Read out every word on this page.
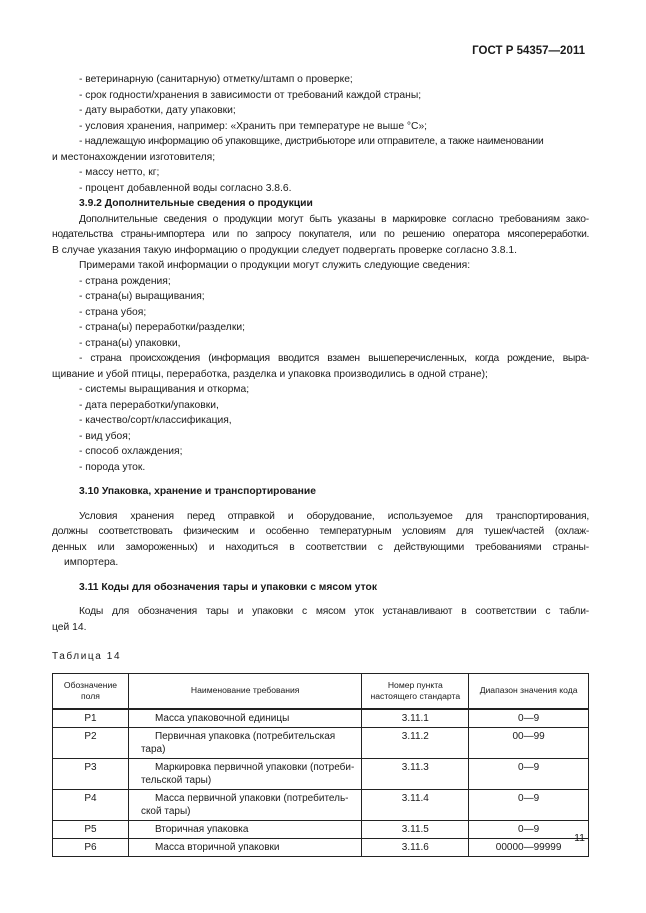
ГОСТ Р 54357—2011

- ветеринарную (санитарную) отметку/штамп о проверке;

- срок годности/хранения в зависимости от требований каждой страны;

- дату выработки, дату упаковки;

- условия хранения, например: «Хранить при температуре не выше °С»;

- надлежащую информацию об упаковщике, дистрибьюторе или отправителе, а также наименовании

и местонахождении изготовителя;

- массу нетто, кг;

- процент добавленной воды согласно 3.8.6.

3.9.2 Дополнительные сведения о продукции

Дополнительные сведения о продукции могут быть указаны в маркировке согласно требованиям зако-

нодательства страны-импортера или по запросу покупателя, или по решению оператора мясопереработки.

В случае указания такую информацию о продукции следует подвергать проверке согласно 3.8.1.

Примерами такой информации о продукции могут служить следующие сведения:

- страна рождения;

- страна(ы) выращивания;

- страна убоя;

- страна(ы) переработки/разделки;

- страна(ы) упаковки,

- страна происхождения (информация вводится взамен вышеперечисленных, когда рождение, выра-

щивание и убой птицы, переработка, разделка и упаковка производились в одной стране);

- системы выращивания и откорма;

- дата переработки/упаковки,

- качество/сорт/классификация,

- вид убоя;

- способ охлаждения;

- порода уток.

3.10 Упаковка, хранение и транспортирование

Условия хранения перед отправкой и оборудование, используемое для транспортирования,

должны соответствовать физическим и особенно температурным условиям для тушек/частей (охлаж-

денных или замороженных) и находиться в соответствии с действующими требованиями страны-

импортера.

3.11 Коды для обозначения тары и упаковки с мясом уток

Коды для обозначения тары и упаковки с мясом уток устанавливают в соответствии с табли-

цей 14.

Таблица 14

Обозначение поля	Наименование требования	Номер пункта настоящего стандарта	Диапазон значения кода
P1	Масса упаковочной единицы	3.11.1	0—9
P2	Первичная упаковка (потребительская тара)	3.11.2	00—99
P3	Маркировка первичной упаковки (потреби-тельской тары)	3.11.3	0—9
P4	Масса первичной упаковки (потребитель-ской тары)	3.11.4	0—9
P5	Вторичная упаковка	3.11.5	0—9
P6	Масса вторичной упаковки	3.11.6	00000—99999
11
